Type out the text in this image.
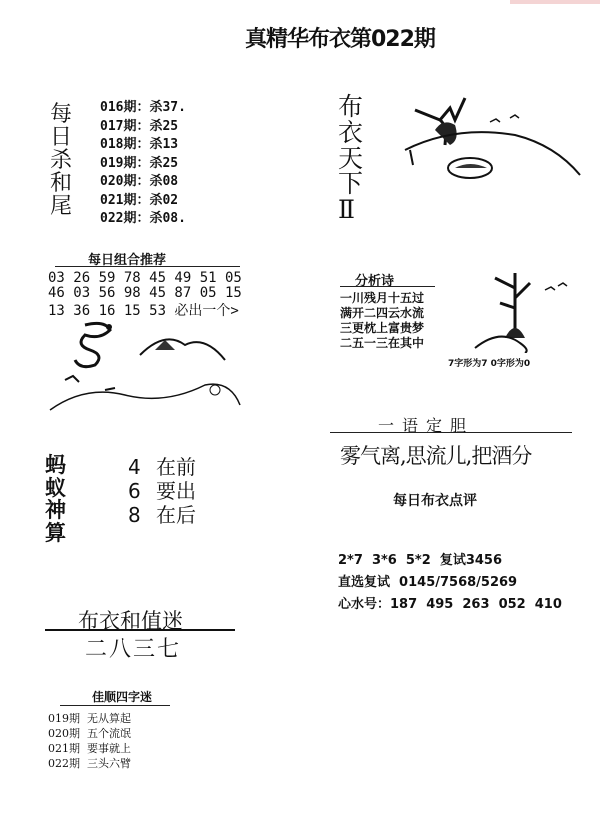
真精华布衣第022期
每
日
杀
和
尾
016期：杀37.
017期：杀25
018期：杀13
019期：杀25
020期：杀08
021期：杀02
022期：杀08.
布
衣
天
下
Ⅱ
每日组合推荐
03 26 59 78 45 49 51 05
46 03 56 98 45 87 05 15
13 36 16 15 53 必出一个>
分析诗
一川残月十五过
满开二四云水流
三更枕上富贵梦
二五一三在其中
7字形为7 0字形为0
蚂
蚁
神
算
4 在前
6 要出
8 在后
一语定胆
雾气离,思流儿,把酒分
每日布衣点评
2*7  3*6  5*2  复试3456
直选复试  0145/7568/5269
心水号：187  495  263  052  410
布衣和值迷
二八三七
佳顺四字迷
019期  无从算起
020期  五个流氓
021期  要事就上
022期  三头六臂
